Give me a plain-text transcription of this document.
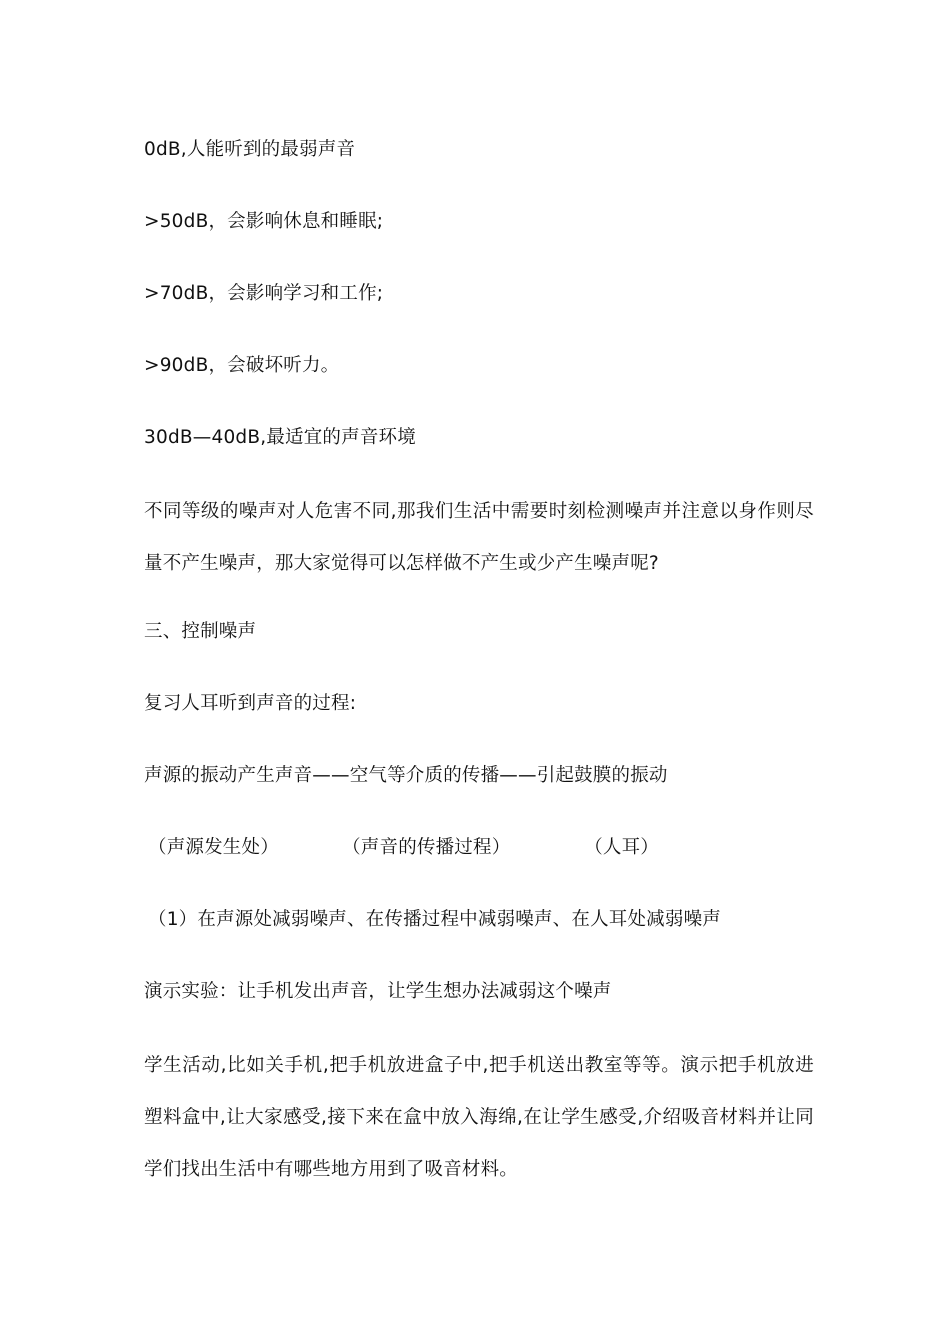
0dB,人能听到的最弱声音
>50dB，会影响休息和睡眠;
>70dB，会影响学习和工作;
>90dB，会破坏听力。
30dB—40dB,最适宜的声音环境
不同等级的噪声对人危害不同,那我们生活中需要时刻检测噪声并注意以身作则尽量不产生噪声，那大家觉得可以怎样做不产生或少产生噪声呢?
三、控制噪声
复习人耳听到声音的过程:
声源的振动产生声音——空气等介质的传播——引起鼓膜的振动
（声源发生处）	（声音的传播过程）	（人耳）
（1）在声源处减弱噪声、在传播过程中减弱噪声、在人耳处减弱噪声
演示实验：让手机发出声音，让学生想办法减弱这个噪声
学生活动,比如关手机,把手机放进盒子中,把手机送出教室等等。演示把手机放进塑料盒中,让大家感受,接下来在盒中放入海绵,在让学生感受,介绍吸音材料并让同学们找出生活中有哪些地方用到了吸音材料。
